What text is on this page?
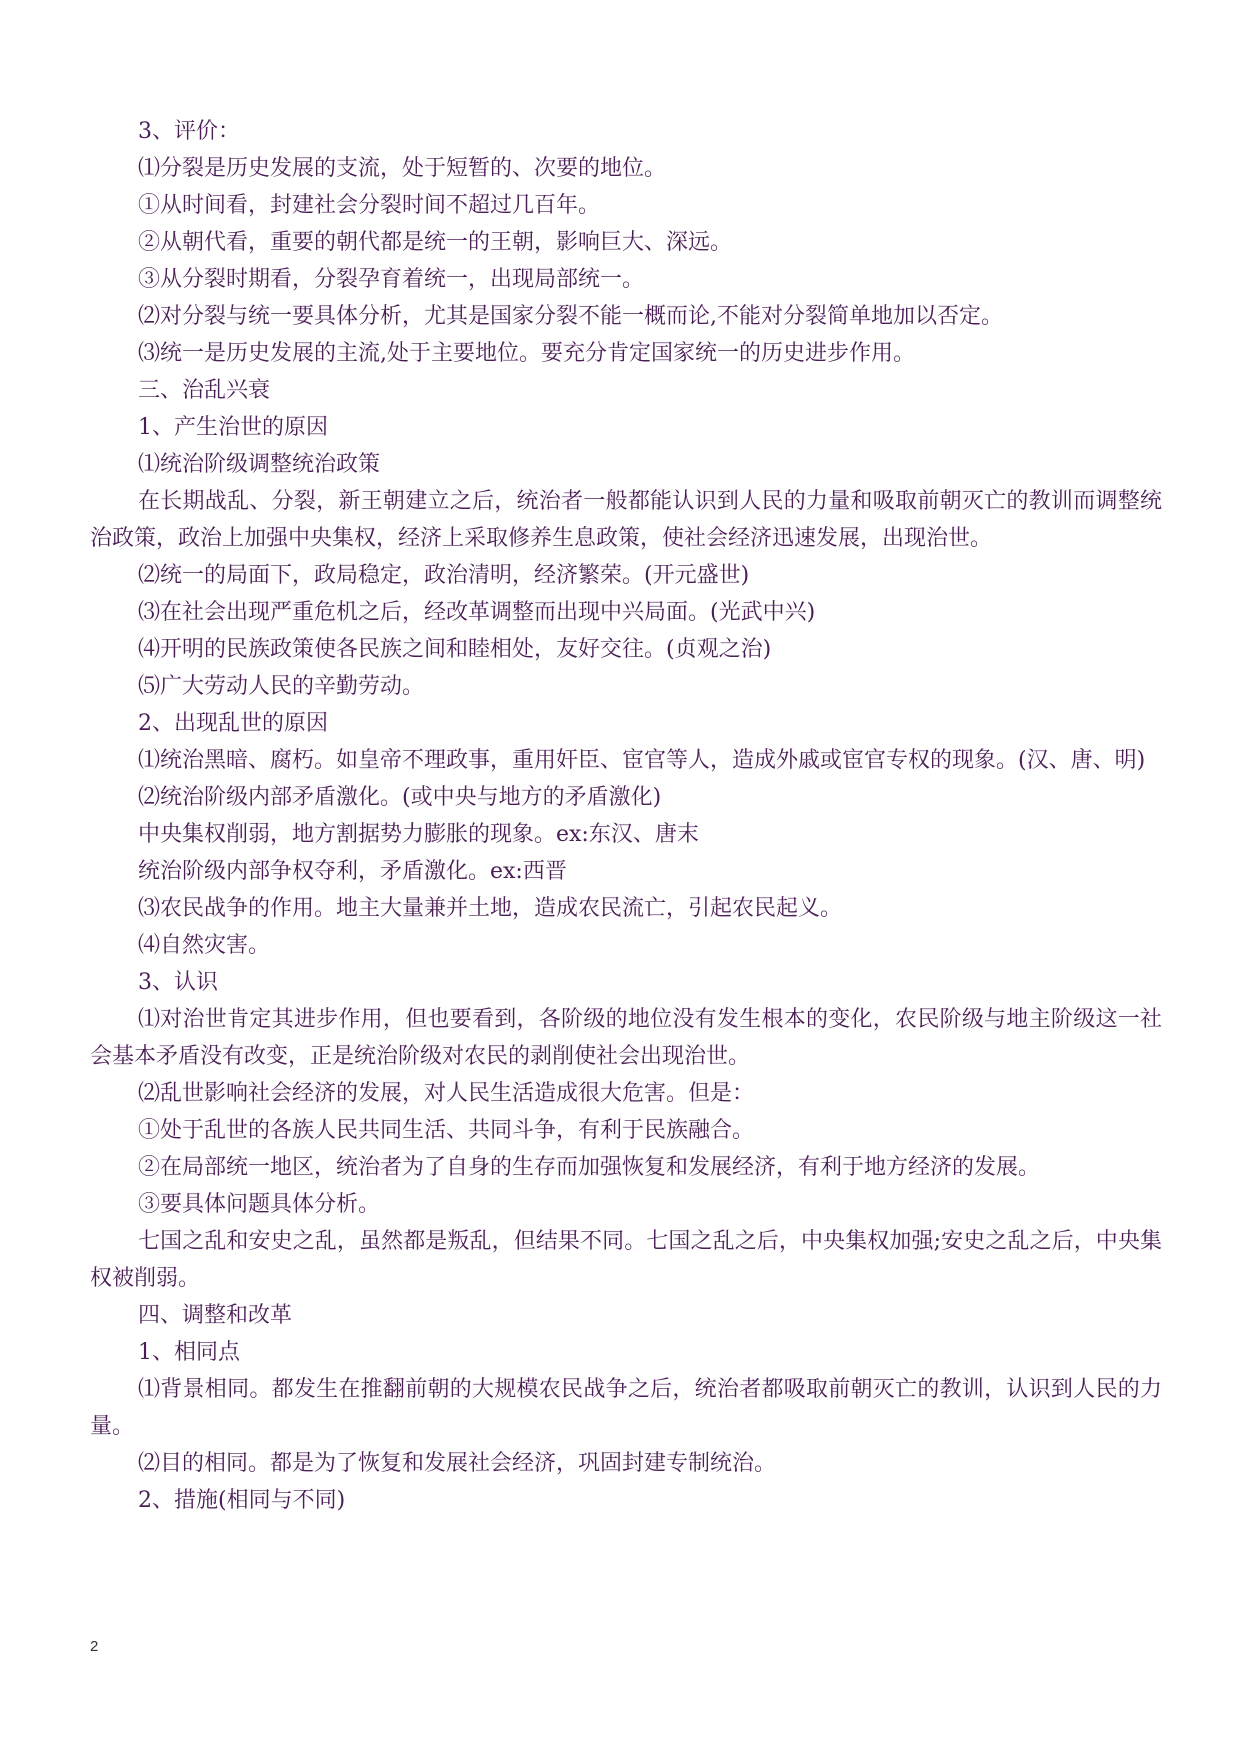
3、评价：

⑴分裂是历史发展的支流，处于短暂的、次要的地位。

①从时间看，封建社会分裂时间不超过几百年。

②从朝代看，重要的朝代都是统一的王朝，影响巨大、深远。

③从分裂时期看，分裂孕育着统一，出现局部统一。

⑵对分裂与统一要具体分析，尤其是国家分裂不能一概而论,不能对分裂简单地加以否定。

⑶统一是历史发展的主流,处于主要地位。要充分肯定国家统一的历史进步作用。

三、治乱兴衰

1、产生治世的原因

⑴统治阶级调整统治政策

在长期战乱、分裂，新王朝建立之后，统治者一般都能认识到人民的力量和吸取前朝灭亡的教训而调整统治政策，政治上加强中央集权，经济上采取修养生息政策，使社会经济迅速发展，出现治世。

⑵统一的局面下，政局稳定，政治清明，经济繁荣。(开元盛世)

⑶在社会出现严重危机之后，经改革调整而出现中兴局面。(光武中兴)

⑷开明的民族政策使各民族之间和睦相处，友好交往。(贞观之治)

⑸广大劳动人民的辛勤劳动。

2、出现乱世的原因

⑴统治黑暗、腐朽。如皇帝不理政事，重用奸臣、宦官等人，造成外戚或宦官专权的现象。(汉、唐、明)

⑵统治阶级内部矛盾激化。(或中央与地方的矛盾激化)

中央集权削弱，地方割据势力膨胀的现象。ex:东汉、唐末

统治阶级内部争权夺利，矛盾激化。ex:西晋

⑶农民战争的作用。地主大量兼并土地，造成农民流亡，引起农民起义。

⑷自然灾害。

3、认识

⑴对治世肯定其进步作用，但也要看到，各阶级的地位没有发生根本的变化，农民阶级与地主阶级这一社会基本矛盾没有改变，正是统治阶级对农民的剥削使社会出现治世。

⑵乱世影响社会经济的发展，对人民生活造成很大危害。但是：

①处于乱世的各族人民共同生活、共同斗争，有利于民族融合。

②在局部统一地区，统治者为了自身的生存而加强恢复和发展经济，有利于地方经济的发展。

③要具体问题具体分析。

七国之乱和安史之乱，虽然都是叛乱，但结果不同。七国之乱之后，中央集权加强;安史之乱之后，中央集权被削弱。

四、调整和改革

1、相同点

⑴背景相同。都发生在推翻前朝的大规模农民战争之后，统治者都吸取前朝灭亡的教训，认识到人民的力量。

⑵目的相同。都是为了恢复和发展社会经济，巩固封建专制统治。

2、措施(相同与不同)

2
